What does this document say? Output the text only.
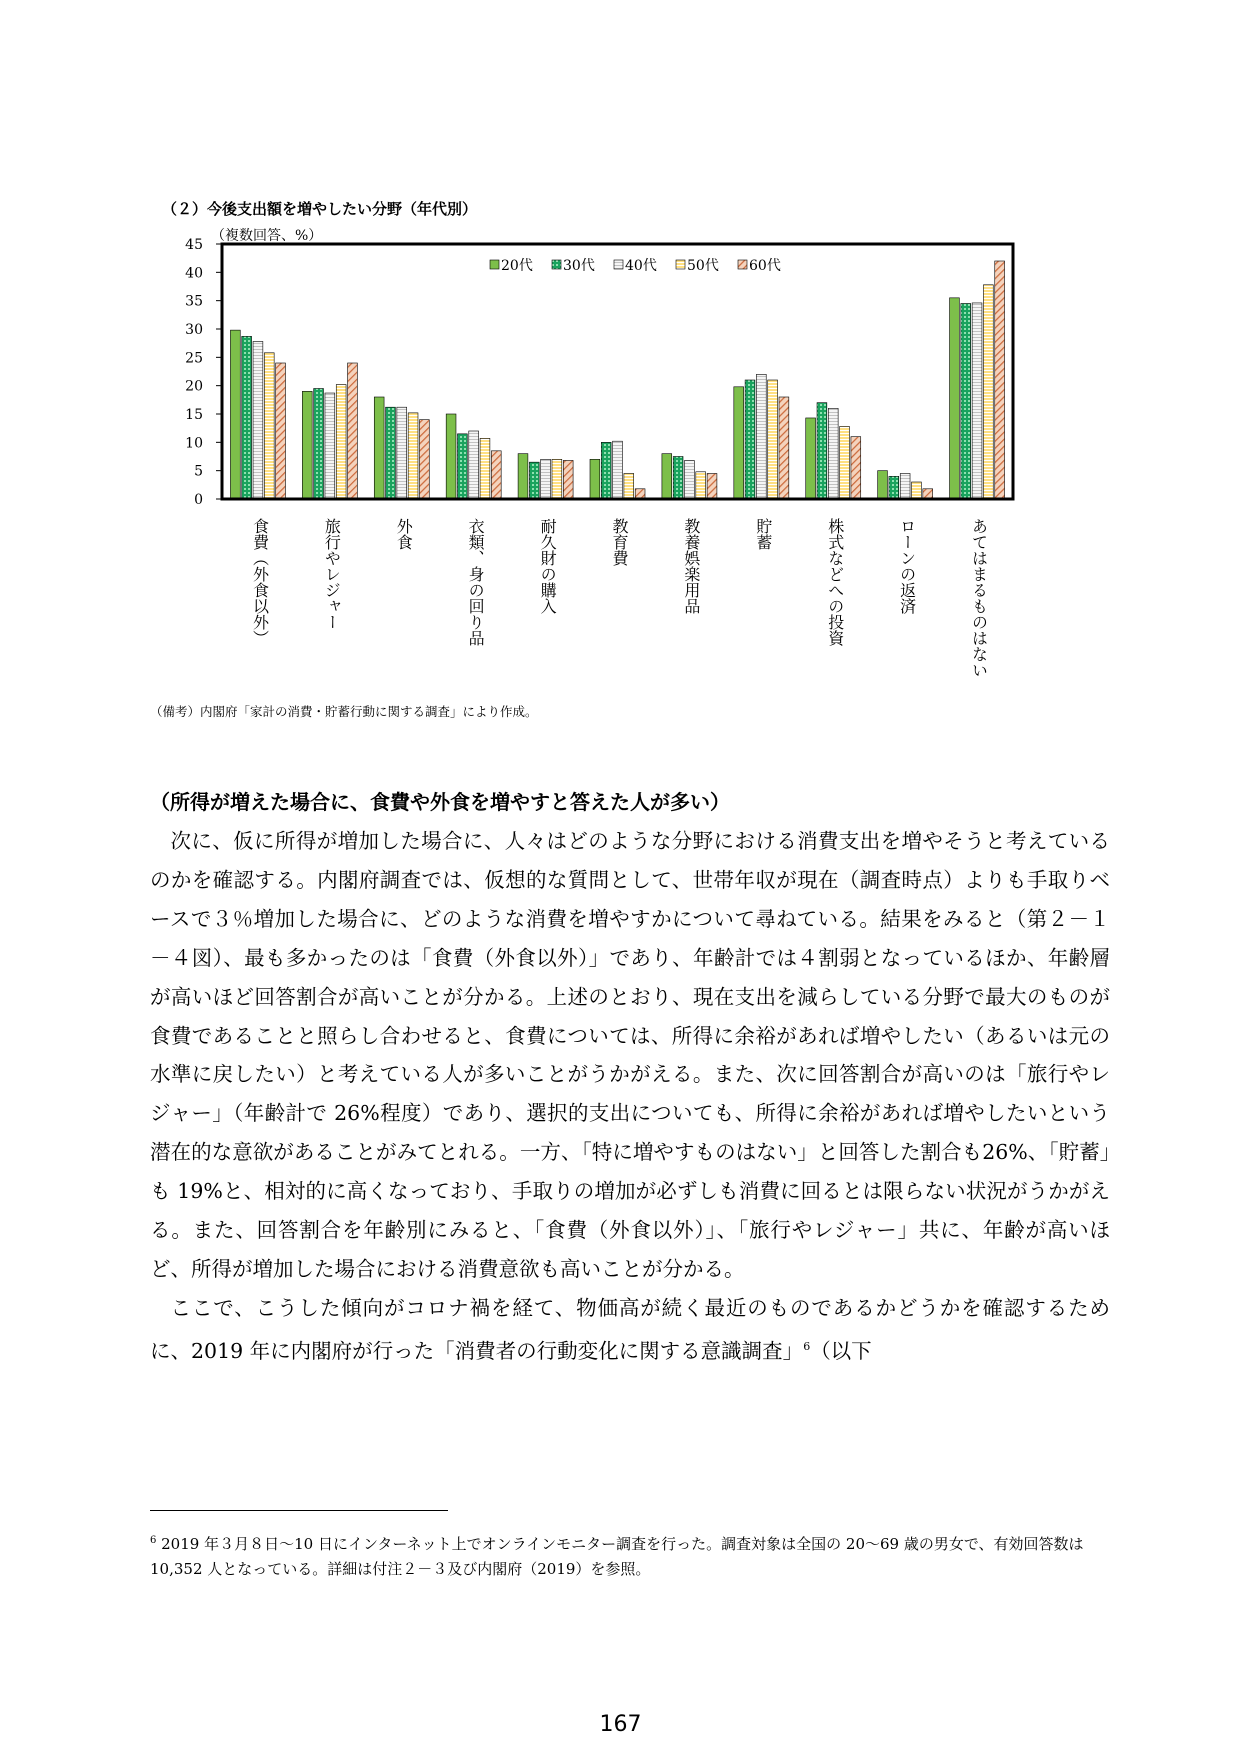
（２）今後支出額を増やしたい分野（年代別）
（複数回答、%）
0
5
10
15
20
25
30
35
40
45
20代 30代 40代 50代 60代
食費（外食以外）	旅行やレジャー	外食	衣類、身の回り品	耐久財の購入	教育費	教養娯楽用品	貯蓄	株式などへの投資	ローンの返済	あてはまるものはない
（備考）内閣府「家計の消費・貯蓄行動に関する調査」により作成。
（所得が増えた場合に、食費や外食を増やすと答えた人が多い）

次に、仮に所得が増加した場合に、人々はどのような分野における消費支出を増やそうと考えているのかを確認する。内閣府調査では、仮想的な質問として、世帯年収が現在（調査時点）よりも手取りベースで３％増加した場合に、どのような消費を増やすかについて尋ねている。結果をみると（第２－１－４図）、最も多かったのは「食費（外食以外）」であり、年齢計では４割弱となっているほか、年齢層が高いほど回答割合が高いことが分かる。上述のとおり、現在支出を減らしている分野で最大のものが食費であることと照らし合わせると、食費については、所得に余裕があれば増やしたい（あるいは元の水準に戻したい）と考えている人が多いことがうかがえる。また、次に回答割合が高いのは「旅行やレジャー」（年齢計で 26%程度）であり、選択的支出についても、所得に余裕があれば増やしたいという潜在的な意欲があることがみてとれる。一方、「特に増やすものはない」と回答した割合も26%、「貯蓄」も 19%と、相対的に高くなっており、手取りの増加が必ずしも消費に回るとは限らない状況がうかがえる。また、回答割合を年齢別にみると、「食費（外食以外）」、「旅行やレジャー」共に、年齢が高いほど、所得が増加した場合における消費意欲も高いことが分かる。

ここで、こうした傾向がコロナ禍を経て、物価高が続く最近のものであるかどうかを確認するために、2019 年に内閣府が行った「消費者の行動変化に関する意識調査」$^6$（以下

$^6$ 2019 年３月８日～10 日にインターネット上でオンラインモニター調査を行った。調査対象は全国の 20～69 歳の男女で、有効回答数は 10,352 人となっている。詳細は付注２－３及び内閣府（2019）を参照。
167
